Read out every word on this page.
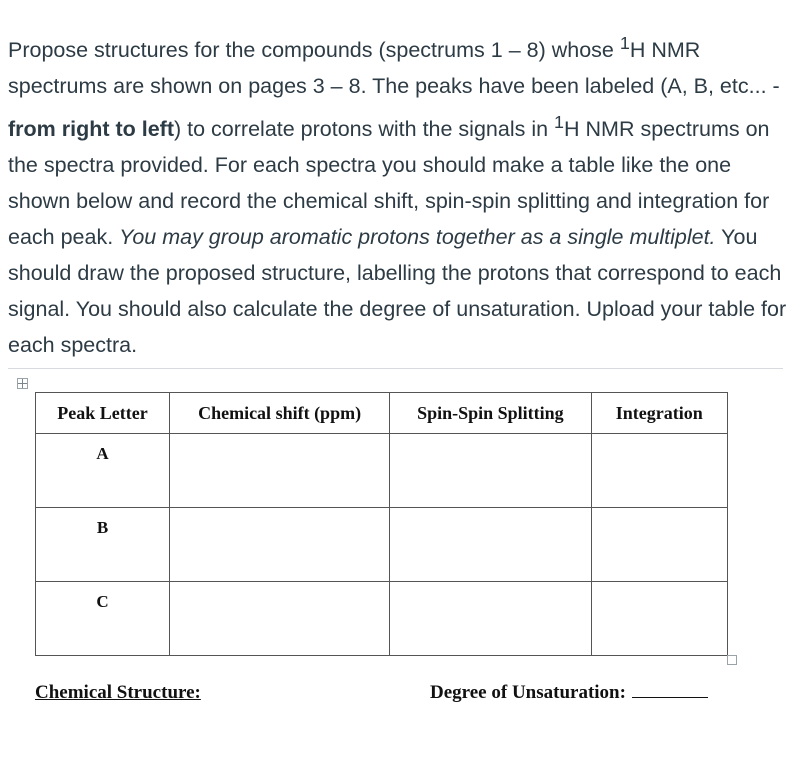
Propose structures for the compounds (spectrums 1 – 8) whose $^1$H NMR spectrums are shown on pages 3 – 8. The peaks have been labeled (A, B, etc... - from right to left) to correlate protons with the signals in $^1$H NMR spectrums on the spectra provided. For each spectra you should make a table like the one shown below and record the chemical shift, spin-spin splitting and integration for each peak. You may group aromatic protons together as a single multiplet. You should draw the proposed structure, labelling the protons that correspond to each signal. You should also calculate the degree of unsaturation. Upload your table for each spectra.

Peak Letter	Chemical shift (ppm)	Spin-Spin Splitting	Integration

A			

B			

C			

Chemical Structure:	Degree of Unsaturation:
